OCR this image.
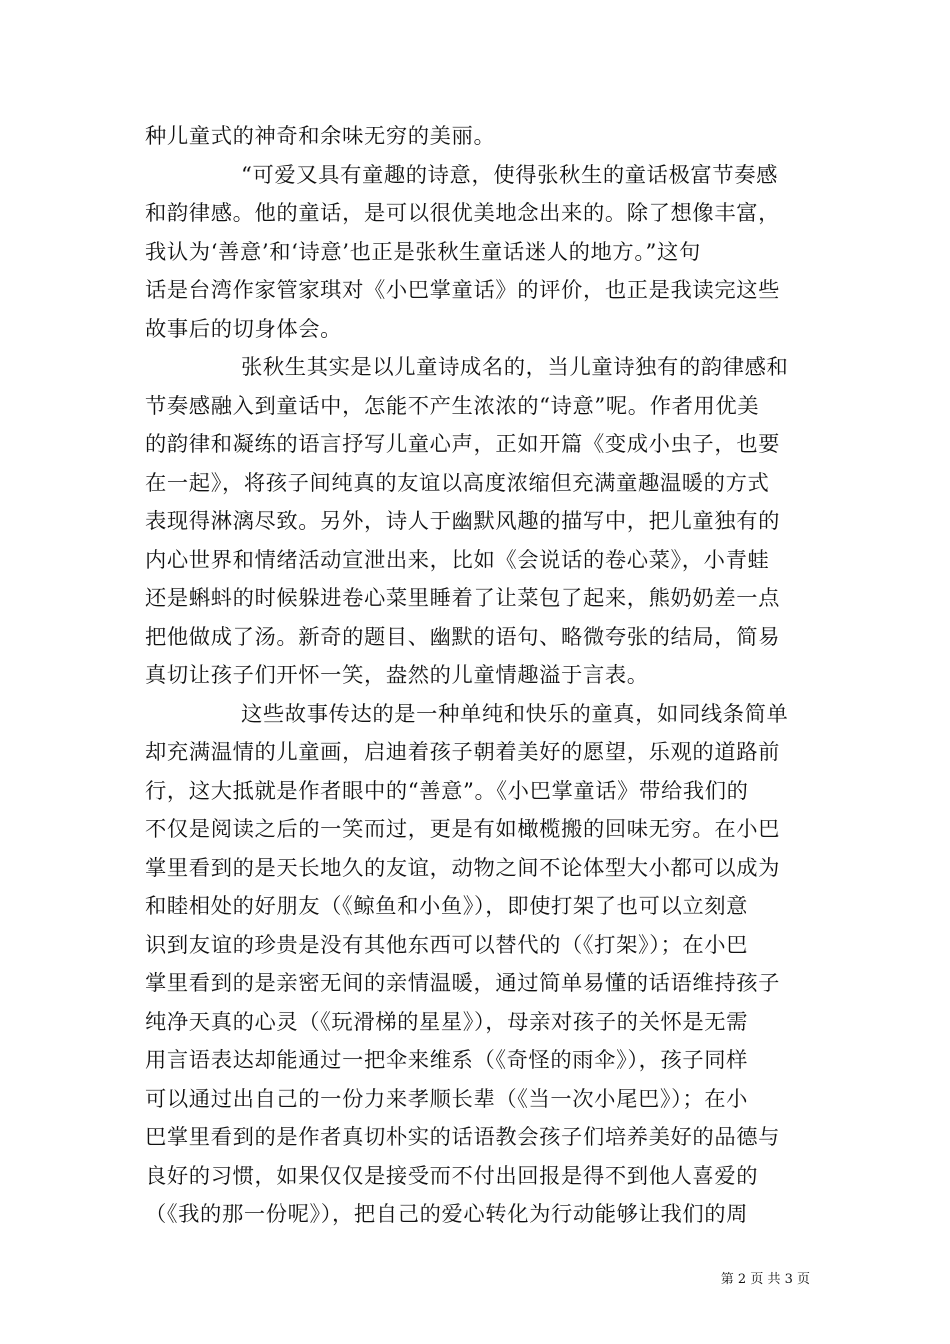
种儿童式的神奇和余味无穷的美丽。
“可爱又具有童趣的诗意，使得张秋生的童话极富节奏感
和韵律感。他的童话，是可以很优美地念出来的。除了想像丰富，
我认为‘善意’和‘诗意’也正是张秋生童话迷人的地方。”这句
话是台湾作家管家琪对《小巴掌童话》的评价，也正是我读完这些
故事后的切身体会。
张秋生其实是以儿童诗成名的，当儿童诗独有的韵律感和
节奏感融入到童话中，怎能不产生浓浓的“诗意”呢。作者用优美
的韵律和凝练的语言抒写儿童心声，正如开篇《变成小虫子，也要
在一起》，将孩子间纯真的友谊以高度浓缩但充满童趣温暖的方式
表现得淋漓尽致。另外，诗人于幽默风趣的描写中，把儿童独有的
内心世界和情绪活动宣泄出来，比如《会说话的卷心菜》，小青蛙
还是蝌蚪的时候躲进卷心菜里睡着了让菜包了起来，熊奶奶差一点
把他做成了汤。新奇的题目、幽默的语句、略微夸张的结局，简易
真切让孩子们开怀一笑，盎然的儿童情趣溢于言表。
这些故事传达的是一种单纯和快乐的童真，如同线条简单
却充满温情的儿童画，启迪着孩子朝着美好的愿望，乐观的道路前
行，这大抵就是作者眼中的“善意”。《小巴掌童话》带给我们的
不仅是阅读之后的一笑而过，更是有如橄榄搬的回味无穷。在小巴
掌里看到的是天长地久的友谊，动物之间不论体型大小都可以成为
和睦相处的好朋友（《鲸鱼和小鱼》），即使打架了也可以立刻意
识到友谊的珍贵是没有其他东西可以替代的（《打架》）；在小巴
掌里看到的是亲密无间的亲情温暖，通过简单易懂的话语维持孩子
纯净天真的心灵（《玩滑梯的星星》），母亲对孩子的关怀是无需
用言语表达却能通过一把伞来维系（《奇怪的雨伞》），孩子同样
可以通过出自己的一份力来孝顺长辈（《当一次小尾巴》）；在小
巴掌里看到的是作者真切朴实的话语教会孩子们培养美好的品德与
良好的习惯，如果仅仅是接受而不付出回报是得不到他人喜爱的
（《我的那一份呢》），把自己的爱心转化为行动能够让我们的周
第 2 页 共 3 页
